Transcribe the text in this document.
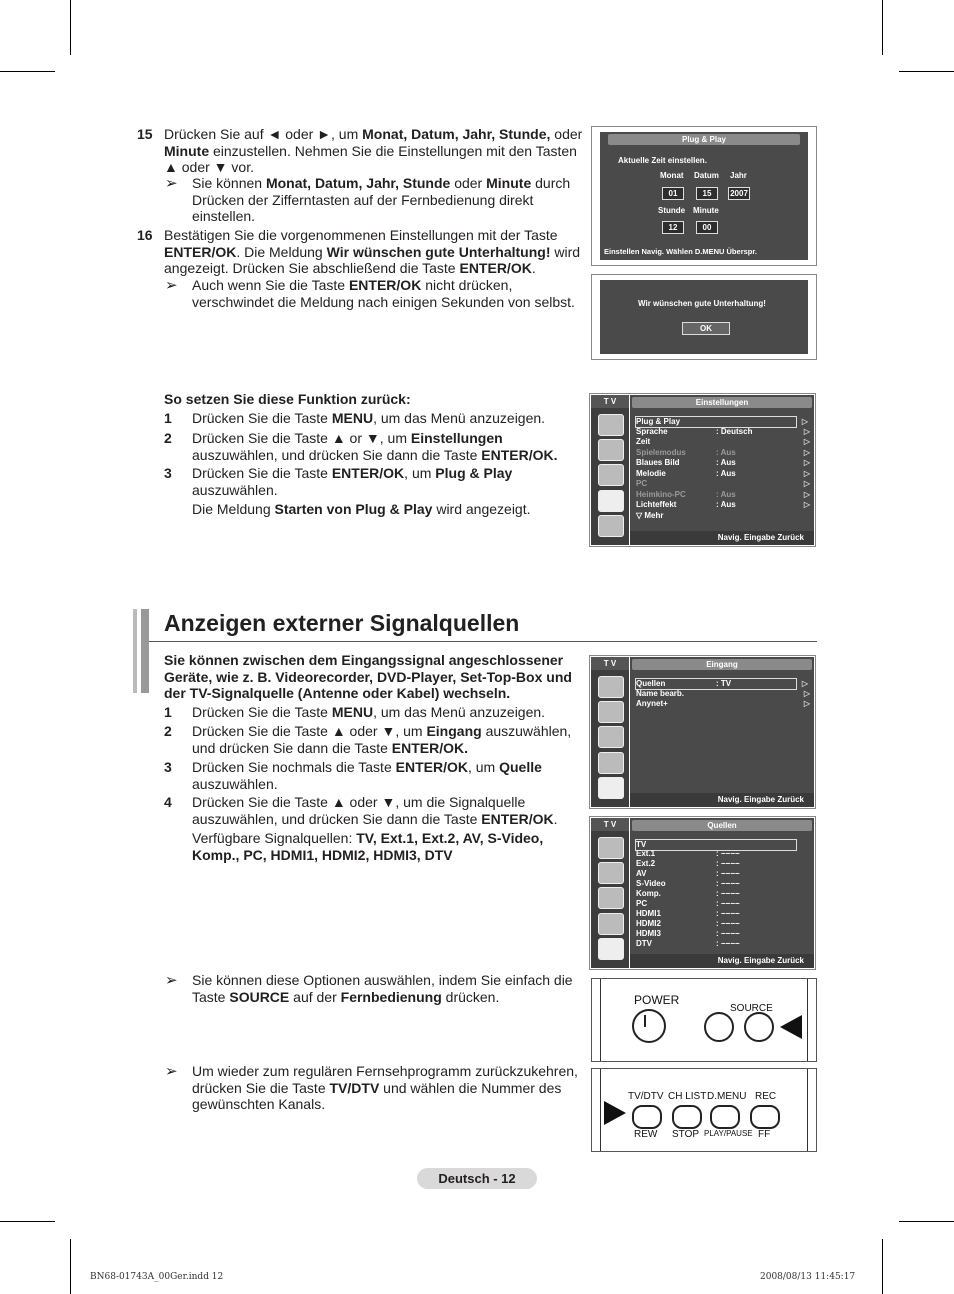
15 Drücken Sie auf ◄ oder ►, um Monat, Datum, Jahr, Stunde, oder
Minute einzustellen. Nehmen Sie die Einstellungen mit den Tasten
▲ oder ▼ vor.
➢ Sie können Monat, Datum, Jahr, Stunde oder Minute durch
Drücken der Zifferntasten auf der Fernbedienung direkt
einstellen.
16 Bestätigen Sie die vorgenommenen Einstellungen mit der Taste
ENTER/OK. Die Meldung Wir wünschen gute Unterhaltung! wird
angezeigt. Drücken Sie abschließend die Taste ENTER/OK.
➢ Auch wenn Sie die Taste ENTER/OK nicht drücken,
verschwindet die Meldung nach einigen Sekunden von selbst.
Plug & Play
Aktuelle Zeit einstellen.
Monat Datum Jahr
01	15	2007
Stunde Minute
12	00
Einstellen Navig. Wählen D.MENU Überspr.
Wir wünschen gute Unterhaltung!
OK
So setzen Sie diese Funktion zurück:
1 Drücken Sie die Taste MENU, um das Menü anzuzeigen.
2 Drücken Sie die Taste ▲ or ▼, um Einstellungen
auszuwählen, und drücken Sie dann die Taste ENTER/OK.
3 Drücken Sie die Taste ENTER/OK, um Plug & Play
auszuwählen.
Die Meldung Starten von Plug & Play wird angezeigt.
T V	Einstellungen
Plug & Play	▷
Sprache	: Deutsch	▷
Zeit	▷
Spielemodus	: Aus	▷
Blaues Bild	: Aus	▷
Melodie	: Aus	▷
PC	▷
Heimkino-PC	: Aus	▷
Lichteffekt	: Aus	▷
▽ Mehr
Navig. Eingabe Zurück
Anzeigen externer Signalquellen
Sie können zwischen dem Eingangssignal angeschlossener
Geräte, wie z. B. Videorecorder, DVD-Player, Set-Top-Box und
der TV-Signalquelle (Antenne oder Kabel) wechseln.
1 Drücken Sie die Taste MENU, um das Menü anzuzeigen.
2 Drücken Sie die Taste ▲ oder ▼, um Eingang auszuwählen,
und drücken Sie dann die Taste ENTER/OK.
3 Drücken Sie nochmals die Taste ENTER/OK, um Quelle
auszuwählen.
4 Drücken Sie die Taste ▲ oder ▼, um die Signalquelle
auszuwählen, und drücken Sie dann die Taste ENTER/OK.
Verfügbare Signalquellen: TV, Ext.1, Ext.2, AV, S-Video,
Komp., PC, HDMI1, HDMI2, HDMI3, DTV
T V	Eingang
Quellen	: TV	▷
Name bearb.	▷
Anynet+	▷
Navig. Eingabe Zurück
T V	Quellen
TV
Ext.1	: −−−−
Ext.2	: −−−−
AV	: −−−−
S-Video	: −−−−
Komp.	: −−−−
PC	: −−−−
HDMI1	: −−−−
HDMI2	: −−−−
HDMI3	: −−−−
DTV	: −−−−
Navig. Eingabe Zurück
➢ Sie können diese Optionen auswählen, indem Sie einfach die
Taste SOURCE auf der Fernbedienung drücken.
➢ Um wieder zum regulären Fernsehprogramm zurückzukehren,
drücken Sie die Taste TV/DTV und wählen die Nummer des
gewünschten Kanals.
POWER
SOURCE
TV/DTV CH LIST D.MENU REC
REW STOP PLAY/PAUSE FF
Deutsch - 12
BN68-01743A_00Ger.indd 12	2008/08/13 11:45:17
